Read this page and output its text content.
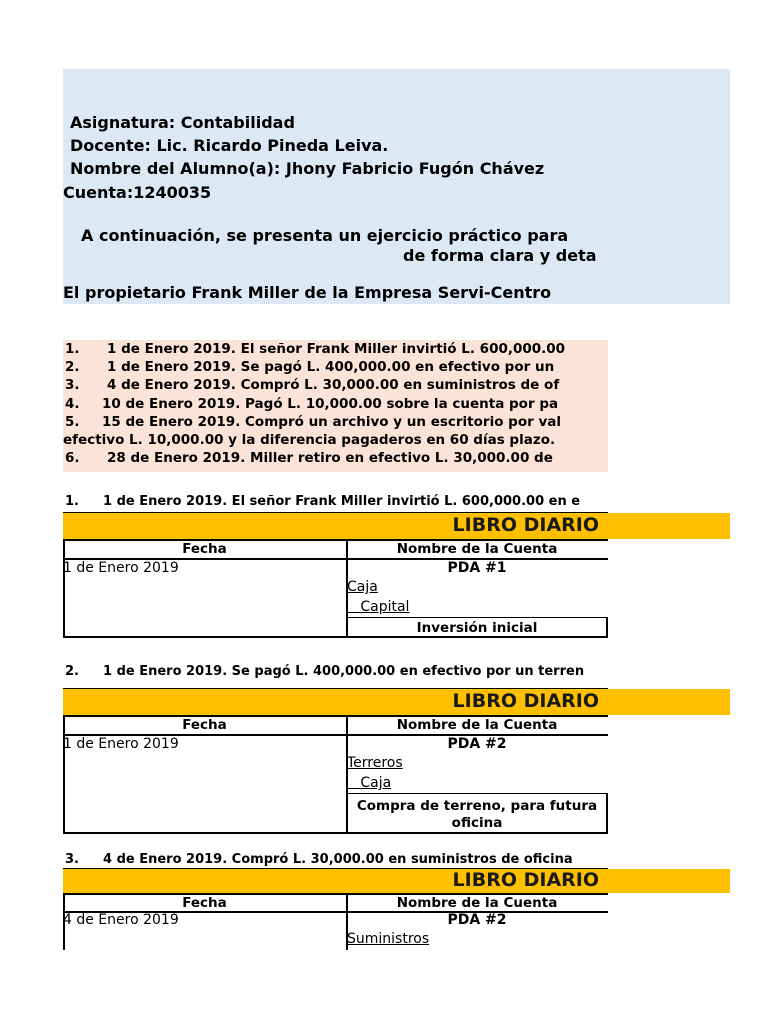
Asignatura: Contabilidad
Docente: Lic. Ricardo Pineda Leiva.
Nombre del Alumno(a): Jhony Fabricio Fugón Chávez
Cuenta:1240035
A continuación, se presenta un ejercicio práctico para
de forma clara y deta
El propietario Frank Miller de la Empresa Servi-Centro
1. 1 de Enero 2019. El señor Frank Miller invirtió L. 600,000.00
2. 1 de Enero 2019. Se pagó L. 400,000.00 en efectivo por un
3. 4 de Enero 2019. Compró L. 30,000.00 en suministros de of
4. 10 de Enero 2019. Pagó L. 10,000.00 sobre la cuenta por pa
5. 15 de Enero 2019. Compró un archivo y un escritorio por val
efectivo L. 10,000.00 y la diferencia pagaderos en 60 días plazo.
6. 28 de Enero 2019. Miller retiro en efectivo L. 30,000.00 de
1. 1 de Enero 2019. El señor Frank Miller invirtió L. 600,000.00 en e
Fecha	Nombre de la Cuenta
1 de Enero 2019	PDA #1
Caja
Capital
Inversión inicial
2. 1 de Enero 2019. Se pagó L. 400,000.00 en efectivo por un terren
Fecha	Nombre de la Cuenta
1 de Enero 2019	PDA #2
Terreros
Caja
Compra de terreno, para futura
oficina
3. 4 de Enero 2019. Compró L. 30,000.00 en suministros de oficina
Fecha	Nombre de la Cuenta
4 de Enero 2019	PDA #2
Suministros
LIBRO DIARIO
LIBRO DIARIO
LIBRO DIARIO
